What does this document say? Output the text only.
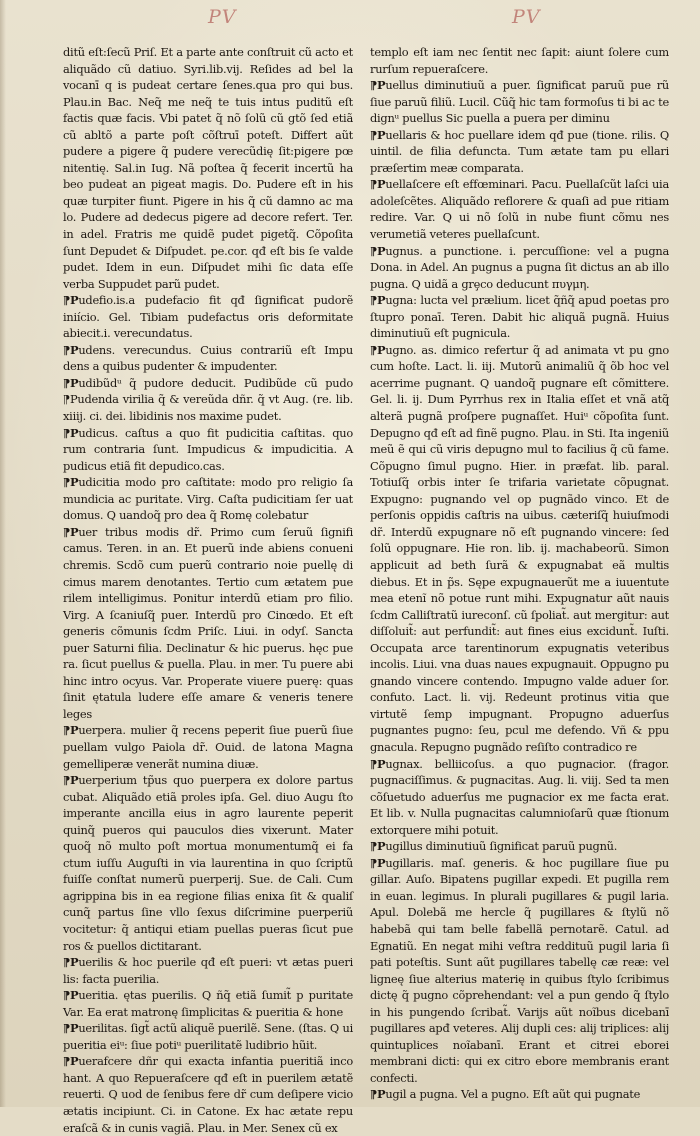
PV	PV

ditũ eſt:ſecũ Priſ. Et a parte ante conſtruit cũ acto et aliquãdo cũ datiuo. Syri.lib.vij. Reſides ad bel la vocanī q is pudeat certare ſenes.qua pro qui bus. Plau.in Bac. Neq̃ me neq̃ te tuis intus puditũ eſt factis quæ facis. Vbi patet q̃ nõ ſolũ cũ gtõ ſed etiã cũ abltõ a parte poſt cõſtruī poteſt. Differt aũt pudere a pigere q̃ pudere verecũdię ſit:pigere pœ nitentię. Sal.in Iug. Nã poſtea q̃ fecerit incertũ ha beo pudeat an pigeat magis. Do. Pudere eſt in his quæ turpiter fiunt. Pigere in his q̃ cũ damno ac ma lo. Pudere ad dedecus pigere ad decore refert. Ter. in adel. Fratris me quidẽ pudet pigetq̃. Cõpoſita ſunt Depudet & Diſpudet. pe.cor. qđ eſt bis ſe valde pudet. Idem in eun. Diſpudet mihi ſic data eſſe verba Suppudet parũ pudet.

⁋Pudefio.is.a pudefacio fit qđ ſignificat pudorẽ iniício. Gel. Tibiam pudefactus oris deformitate abiecit.i. verecundatus.

⁋Pudens. verecundus. Cuius contrariũ eſt Impu dens a quibus pudenter & impudenter.

⁋Pudibũdᵘ q̃ pudore deducit. Pudibũde cũ pudo ⁋Pudenda virilia q̃ & vereũda dñr. q̃ vt Aug. (re. lib. xiiij. ci. dei. libidinis nos maxime pudet.

⁋Pudicus. caſtus a quo fit pudicitia caſtitas. quo rum contraria ſunt. Impudicus & impudicitia. A pudicus etiã fit depudico.cas.

⁋Pudicitia modo pro caſtitate: modo pro religio ſa mundicia ac puritate. Virg. Caſta pudicitiam ſer uat domus. Q uandoq̃ pro dea q̃ Romę colebatur

⁋Puer tribus modis dr̃. Primo cum ſeruũ ſignifi camus. Teren. in an. Et puerũ inde abiens conueni chremis. Scdõ cum puerũ contrario noie puellę di cimus marem denotantes. Tertio cum ætatem pue rilem intelligimus. Ponitur interdũ etiam pro filio. Virg. A ſcaniuſq̃ puer. Interdũ pro Cinœdo. Et eſt generis cõmunis ſcdm Priſc. Liui. in odyſ. Sancta puer Saturni filia. Declinatur & hic puerus. hęc pue ra. ſicut puellus & puella. Plau. in mer. Tu puere abi hinc intro ocyus. Var. Properate viuere puerę: quas ſinit ętatula ludere eſſe amare & veneris tenere leges

⁋Puerpera. mulier q̃ recens peperit ſiue puerũ ſiue puellam vulgo Paiola dr̃. Ouid. de latona Magna gemelliperæ venerãt numina diuæ.

⁋Puerperium tp̃us quo puerpera ex dolore partus cubat. Aliquãdo etiã proles ipſa. Gel. diuo Augu ſto imperante ancilla eius in agro laurente peperit quinq̃ pueros qui pauculos dies vixerunt. Mater quoq̃ nõ multo poſt mortua monumentumq̃ ei fa ctum iuſſu Auguſti in via laurentina in quo ſcriptũ fuiſſe conſtat numerũ puerperij. Sue. de Cali. Cum agrippina bis in ea regione filias enixa ſit & qualiſ cunq̃ partus ſine vllo ſexus diſcrimine puerperiũ vocitetur: q̃ antiqui etiam puellas pueras ſicut pue ros & puellos dictitarant.

⁋Puerilis & hoc puerile qđ eſt pueri: vt ætas pueri lis: facta puerilia.

⁋Pueritia. ętas puerilis. Q ñq̃ etiã ſumit̃ p puritate Var. Ea erat matronę ſimplicitas & pueritia & hone

⁋Puerilitas. ſigt̃ actũ aliquẽ puerilẽ. Sene. (ſtas. Q ui pueritia eiᵘ: ſiue potiᵘ puerilitatẽ ludibrio hũit.

⁋Puerafcere dñr qui exacta infantia pueritiã inco hant. A quo Repueraſcere qđ eſt in puerilem ætatẽ reuerti. Q uod de ſenibus fere dr̃ cum deſipere vicio ætatis incipiunt. Ci. in Catone. Ex hac ætate repu eraſcã & in cunis vagiã. Plau. in Mer. Senex cũ ex

templo eſt iam nec ſentit nec ſapit: aiunt ſolere cum rurſum repueraſcere.

⁋Puellus diminutiuũ a puer. ſignificat paruũ pue rũ ſiue paruũ filiũ. Lucil. Cũq̃ hic tam formoſus ti bi ac te dignᵘ puellus Sic puella a puera per diminu

⁋Puellaris & hoc puellare idem qđ pue (tione. rilis. Q uintil. de filia defuncta. Tum ætate tam pu ellari præſertim meæ comparata.

⁋Puellaſcere eſt effœminari. Pacu. Puellaſcũt laſci uia adoleſcẽtes. Aliquãdo reflorere & quaſi ad pue ritiam redire. Var. Q ui nõ ſolũ in nube fiunt cõmu nes verumetiã veteres puellaſcunt.

⁋Pugnus. a punctione. i. percuſſione: vel a pugna Dona. in Adel. An pugnus a pugna ſit dictus an ab illo pugna. Q uidã a grȩco deducunt πυγμη.

⁋Pugna: lucta vel prælium. licet q̃ñq̃ apud poetas pro ſtupro ponaī. Teren. Dabit hic aliquã pugnã. Huius diminutiuũ eſt pugnicula.

⁋Pugno. as. dimico refertur q̃ ad animata vt pu gno cum hoſte. Lact. li. iij. Mutorũ animaliũ q̃ õb hoc vel acerrime pugnant. Q uandoq̃ pugnare eſt cõmittere. Gel. li. ij. Dum Pyrrhus rex in Italia eſſet et vnã atq̃ alterã pugnã proſpere pugnaſſet. Huiᵘ cõpoſita ſunt. Depugno qđ eſt ad finẽ pugno. Plau. in Sti. Ita ingeniũ meũ ẽ qui cũ viris depugno mul to facilius q̃ cũ fame. Cõpugno ſimul pugno. Hier. in præfat. lib. paral. Totiuſq̃ orbis inter ſe trifaria varietate cõpugnat. Expugno: pugnando vel op pugnãdo vinco. Et de perſonis oppidis caſtris na uibus. cæteriſq̃ huiuſmodi dr̃. Interdũ expugnare nõ eſt pugnando vincere: ſed ſolũ oppugnare. Hie ron. lib. ij. machabeorũ. Simon applicuit ad beth ſurã & expugnabat eã multis diebus. Et in p̃s. Sępe expugnauerũt me a iuuentute mea etenĩ nõ potue runt mihi. Expugnatur aũt nauis ſcdm Calliſtratũ iureconſ. cũ ſpoliat̃. aut mergitur: aut diſſoluit̃: aut perfundit̃: aut fines eius excidunt̃. Iuſti. Occupata arce tarentinorum expugnatis veteribus incolis. Liui. vna duas naues expugnauit. Oppugno pu gnando vincere contendo. Impugno valde aduer ſor. confuto. Lact. li. vij. Redeunt protinus vitia que virtutẽ ſemp impugnant. Propugno aduerſus pugnantes pugno: ſeu, pcul me defendo. Vñ & ppu gnacula. Repugno pugnãdo reſiſto contradico re

⁋Pugnax. belliicoſus. a quo pugnacior. (fragor. pugnaciſſimus. & pugnacitas. Aug. li. viij. Sed ta men cõſuetudo aduerſus me pugnacior ex me facta erat. Et lib. v. Nulla pugnacitas calumnioſarũ quæ ſtionum extorquere mihi potuit.

⁋Pugillus diminutiuũ ſignificat paruũ pugnũ.

⁋Pugillaris. maſ. generis. & hoc pugillare ſiue pu gillar. Auſo. Bipatens pugillar expedi. Et pugilla rem in euan. legimus. In plurali pugillares & pugil laria. Apul. Dolebã me hercle q̃ pugillares & ſtylũ nõ habebã qui tam belle fabellã pernotarẽ. Catul. ad Egnatiũ. En negat mihi veſtra reddituũ pugil laria ſi pati poteſtis. Sunt aũt pugillares tabellę cæ reæ: vel ligneę ſiue alterius materię in quibus ſtylo ſcribimus dictę q̃ pugno cõprehendant: vel a pun gendo q̃ ſtylo in his pungendo ſcribat̃. Varijs aũt noĩbus dicebanī pugillares apđ veteres. Alij dupli ces: alij triplices: alij quintuplices noĩabanī. Erant et citrei eborei membrani dicti: qui ex citro ebore membranis erant confecti.

⁋Pugil a pugna. Vel a pugno. Eſt aũt qui pugnate
